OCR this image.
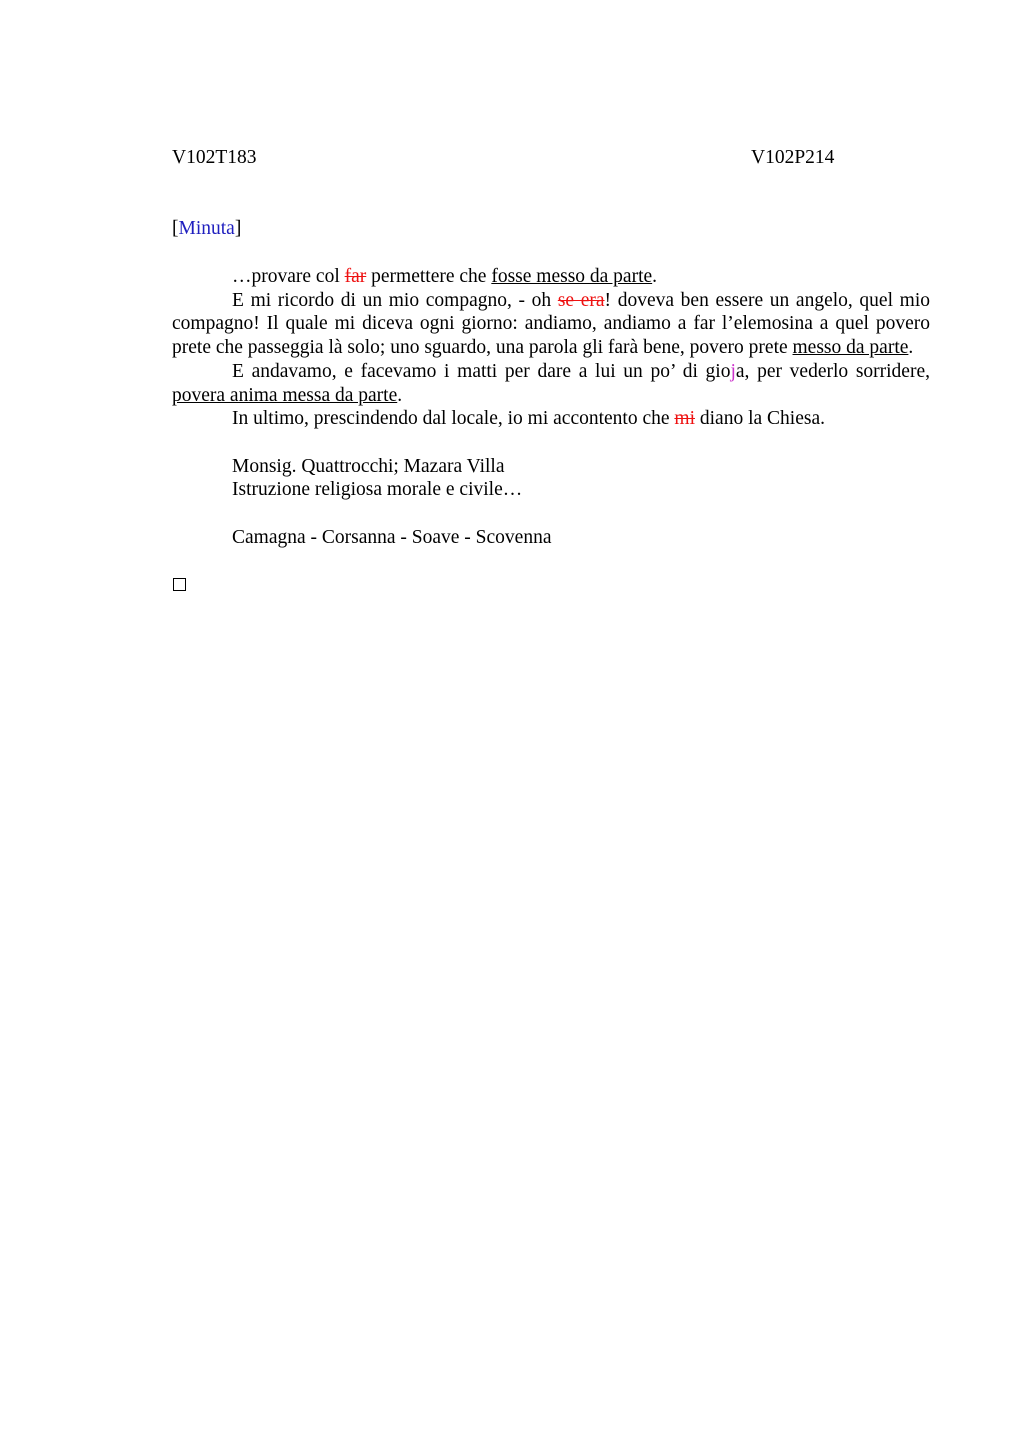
V102T183	V102P214
[Minuta]

…provare col far permettere che fosse messo da parte.

E mi ricordo di un mio compagno, - oh se era! doveva ben essere un angelo, quel mio compagno! Il quale mi diceva ogni giorno: andiamo, andiamo a far l’elemosina a quel povero prete che passeggia là solo; uno sguardo, una parola gli farà bene, povero prete messo da parte.

E andavamo, e facevamo i matti per dare a lui un po’ di gioja, per vederlo sorridere, povera anima messa da parte.

In ultimo, prescindendo dal locale, io mi accontento che mi diano la Chiesa.

Monsig. Quattrocchi; Mazara Villa

Istruzione religiosa morale e civile…

Camagna - Corsanna - Soave - Scovenna
